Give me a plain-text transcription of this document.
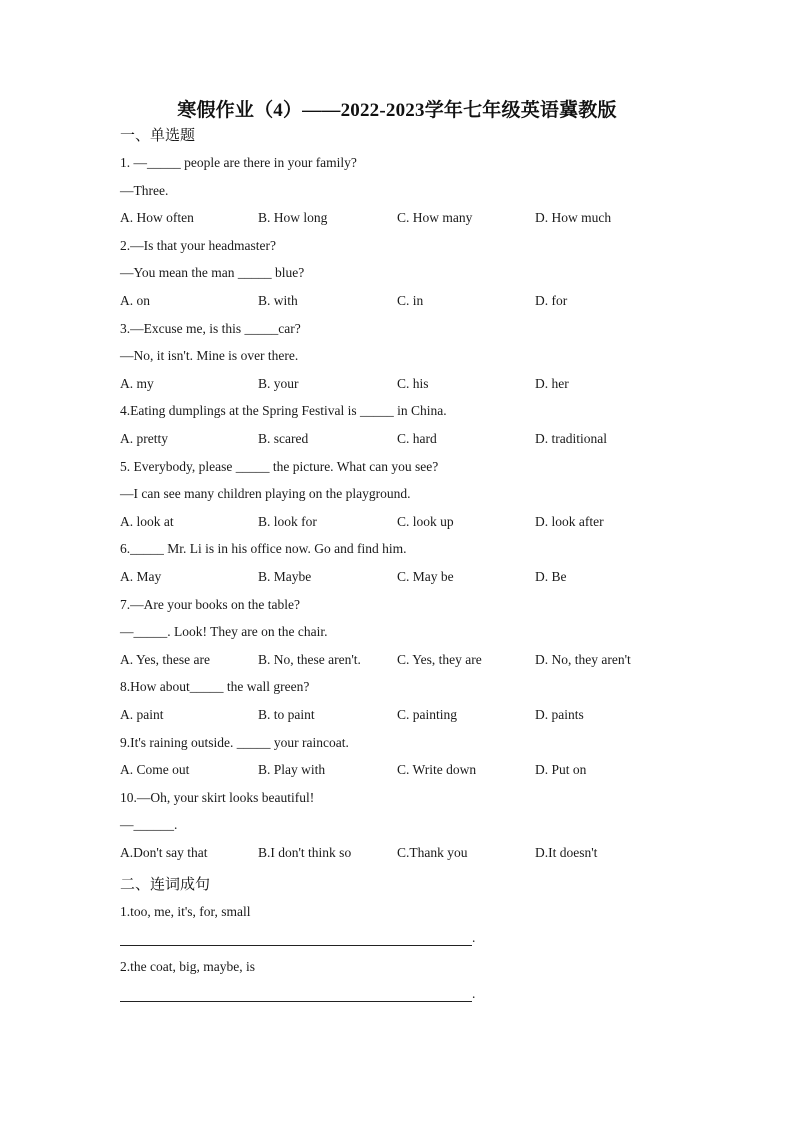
寒假作业（4）——2022-2023学年七年级英语冀教版
一、单选题
1. —_____ people are there in your family?
—Three.
A. How often	B. How long	C. How many	D. How much
2.—Is that your headmaster?
—You mean the man _____ blue?
A. on	B. with	C. in	D. for
3.—Excuse me, is this _____car?
—No, it isn't. Mine is over there.
A. my	B. your	C. his	D. her
4.Eating dumplings at the Spring Festival is _____ in China.
A. pretty	B. scared	C. hard	D. traditional
5. Everybody, please _____ the picture. What can you see?
—I can see many children playing on the playground.
A. look at	B. look for	C. look up	D. look after
6._____ Mr. Li is in his office now. Go and find him.
A. May	B. Maybe	C. May be	D. Be
7.—Are your books on the table?
—_____. Look! They are on the chair.
A. Yes, these are	B. No, these aren't.	C. Yes, they are	D. No, they aren't
8.How about_____ the wall green?
A. paint	B. to paint	C. painting	D. paints
9.It's raining outside. _____ your raincoat.
A. Come out	B. Play with	C. Write down	D. Put on
10.—Oh, your skirt looks beautiful!
—______.
A.Don't say that	B.I don't think so	C.Thank you	D.It doesn't
二、连词成句
1.too, me, it's, for, small
.
2.the coat, big, maybe, is
.
